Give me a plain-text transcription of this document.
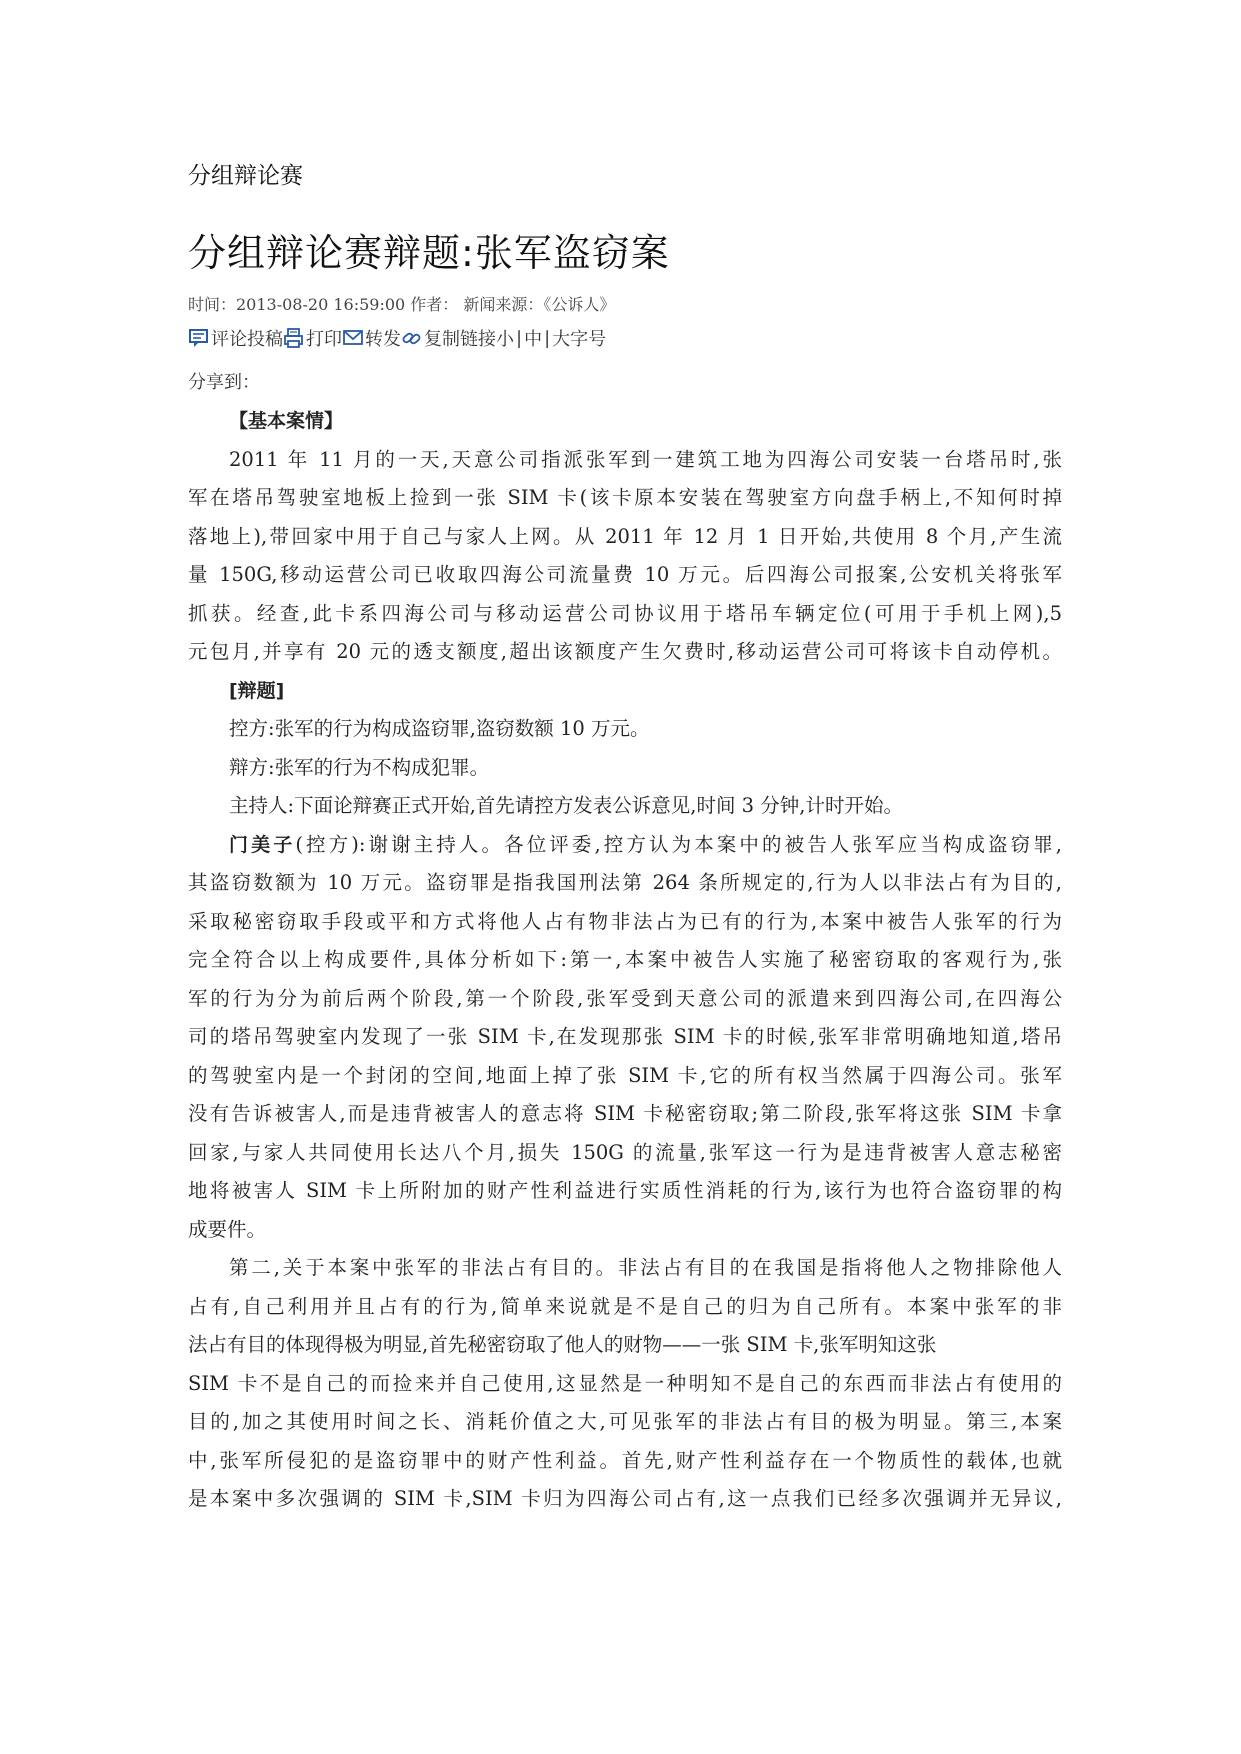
分组辩论赛
分组辩论赛辩题:张军盗窃案
时间：2013-08-20 16:59:00 作者： 新闻来源：《公诉人》
评论投稿 打印 转发 复制链接 小 | 中 | 大字号
分享到：
【基本案情】
2011 年 11 月的一天,天意公司指派张军到一建筑工地为四海公司安装一台塔吊时,张
军在塔吊驾驶室地板上捡到一张 SIM 卡(该卡原本安装在驾驶室方向盘手柄上,不知何时掉
落地上),带回家中用于自己与家人上网。从 2011 年 12 月 1 日开始,共使用 8 个月,产生流
量 150G,移动运营公司已收取四海公司流量费 10 万元。后四海公司报案,公安机关将张军
抓获。经查,此卡系四海公司与移动运营公司协议用于塔吊车辆定位(可用于手机上网),5
元包月,并享有 20 元的透支额度,超出该额度产生欠费时,移动运营公司可将该卡自动停机。
[辩题]
控方:张军的行为构成盗窃罪,盗窃数额 10 万元。
辩方:张军的行为不构成犯罪。
主持人:下面论辩赛正式开始,首先请控方发表公诉意见,时间 3 分钟,计时开始。
门美子(控方):谢谢主持人。各位评委,控方认为本案中的被告人张军应当构成盗窃罪,
其盗窃数额为 10 万元。盗窃罪是指我国刑法第 264 条所规定的,行为人以非法占有为目的,
采取秘密窃取手段或平和方式将他人占有物非法占为已有的行为,本案中被告人张军的行为
完全符合以上构成要件,具体分析如下:第一,本案中被告人实施了秘密窃取的客观行为,张
军的行为分为前后两个阶段,第一个阶段,张军受到天意公司的派遣来到四海公司,在四海公
司的塔吊驾驶室内发现了一张 SIM 卡,在发现那张 SIM 卡的时候,张军非常明确地知道,塔吊
的驾驶室内是一个封闭的空间,地面上掉了张 SIM 卡,它的所有权当然属于四海公司。张军
没有告诉被害人,而是违背被害人的意志将 SIM 卡秘密窃取;第二阶段,张军将这张 SIM 卡拿
回家,与家人共同使用长达八个月,损失 150G 的流量,张军这一行为是违背被害人意志秘密
地将被害人 SIM 卡上所附加的财产性利益进行实质性消耗的行为,该行为也符合盗窃罪的构
成要件。
第二,关于本案中张军的非法占有目的。非法占有目的在我国是指将他人之物排除他人
占有,自己利用并且占有的行为,简单来说就是不是自己的归为自己所有。本案中张军的非
法占有目的体现得极为明显,首先秘密窃取了他人的财物——一张 SIM 卡,张军明知这张
SIM 卡不是自己的而捡来并自己使用,这显然是一种明知不是自己的东西而非法占有使用的
目的,加之其使用时间之长、消耗价值之大,可见张军的非法占有目的极为明显。第三,本案
中,张军所侵犯的是盗窃罪中的财产性利益。首先,财产性利益存在一个物质性的载体,也就
是本案中多次强调的 SIM 卡,SIM 卡归为四海公司占有,这一点我们已经多次强调并无异议,
